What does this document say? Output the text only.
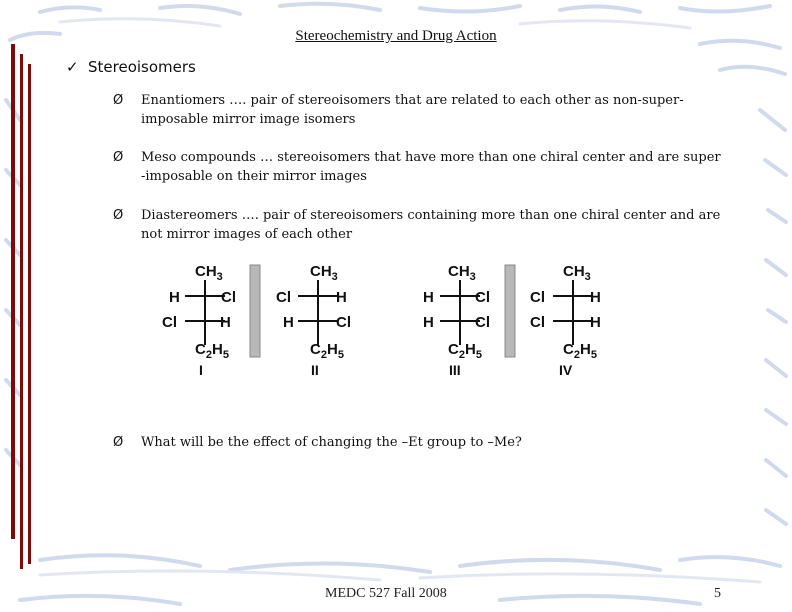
Stereochemistry and Drug Action
✓ Stereoisomers
Ø Enantiomers …. pair of stereoisomers that are related to each other as non-super-
imposable mirror image isomers
Ø Meso compounds … stereoisomers that have more than one chiral center and are super
-imposable on their mirror images
Ø Diastereomers …. pair of stereoisomers containing more than one chiral center and are
not mirror images of each other
$CH_3$
H	Cl
Cl	H
$C_2H_5$
I
$CH_3$
Cl	H
H	Cl
$C_2H_5$
II
$CH_3$
H	Cl
H	Cl
$C_2H_5$
III
$CH_3$
Cl	H
Cl	H
$C_2H_5$
IV
Ø What will be the effect of changing the –Et group to –Me?
MEDC 527 Fall 2008	5
